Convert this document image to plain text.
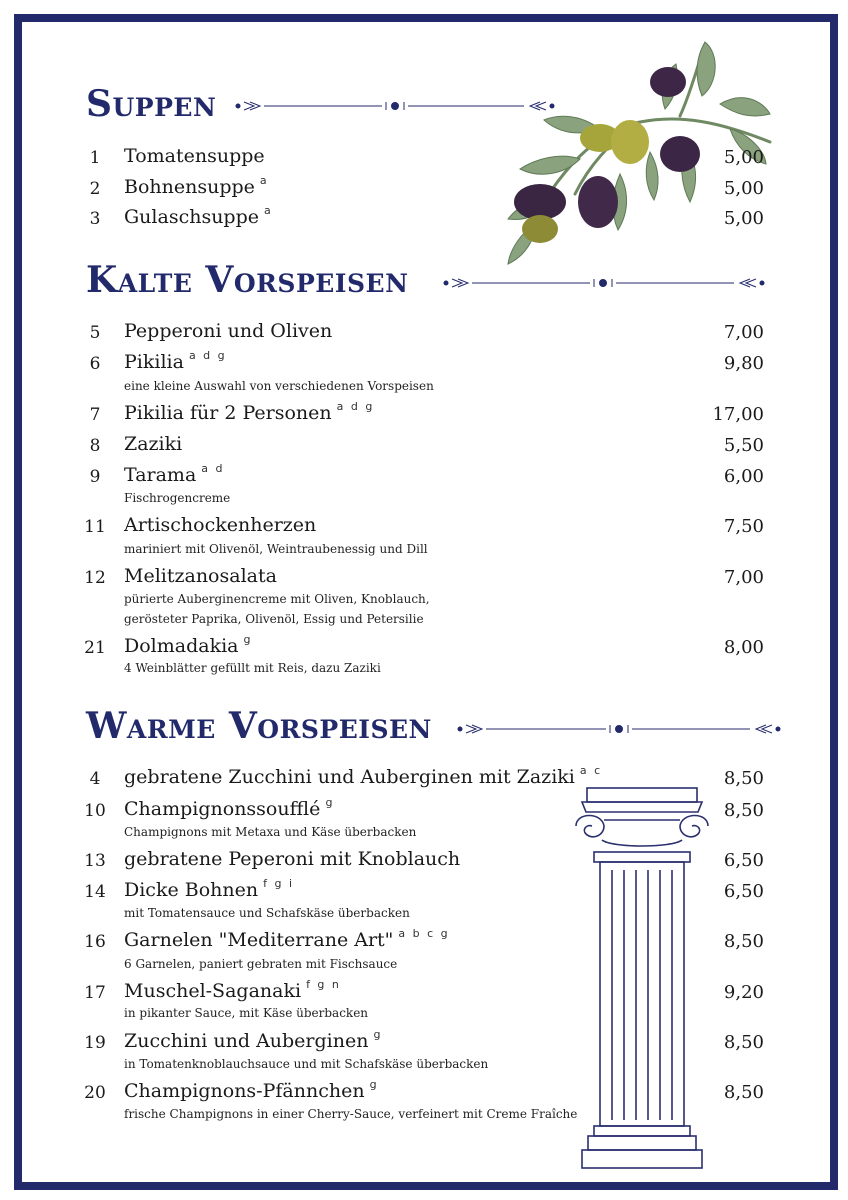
Suppen
1	Tomatensuppe	5,00
2	Bohnensuppe $^a$	5,00
3	Gulaschsuppe $^a$	5,00
Kalte Vorspeisen
5	Pepperoni und Oliven	7,00
6	Pikilia $^{a d g}$	9,80
eine kleine Auswahl von verschiedenen Vorspeisen
7	Pikilia für 2 Personen $^{a d g}$	17,00
8	Zaziki	5,50
9	Tarama $^{a d}$	6,00
Fischrogencreme
11 Artischockenherzen	7,50
mariniert mit Olivenöl, Weintraubenessig und Dill
12 Melitzanosalata	7,00
pürierte Auberginencreme mit Oliven, Knoblauch,
gerösteter Paprika, Olivenöl, Essig und Petersilie
21 Dolmadakia $^g$	8,00
4 Weinblätter gefüllt mit Reis, dazu Zaziki
Warme Vorspeisen
4	gebratene Zucchini und Auberginen mit Zaziki $^{a c}$	8,50
10 Champignonssoufflé $^g$	8,50
Champignons mit Metaxa und Käse überbacken
13 gebratene Peperoni mit Knoblauch	6,50
14 Dicke Bohnen $^{f g i}$	6,50
mit Tomatensauce und Schafskäse überbacken
16 Garnelen "Mediterrane Art" $^{a b c g}$	8,50
6 Garnelen, paniert gebraten mit Fischsauce
17 Muschel-Saganaki $^{f g n}$	9,20
in pikanter Sauce, mit Käse überbacken
19 Zucchini und Auberginen $^g$	8,50
in Tomatenknoblauchsauce und mit Schafskäse überbacken
20 Champignons-Pfännchen $^g$	8,50
frische Champignons in einer Cherry-Sauce, verfeinert mit Creme Fraîche
